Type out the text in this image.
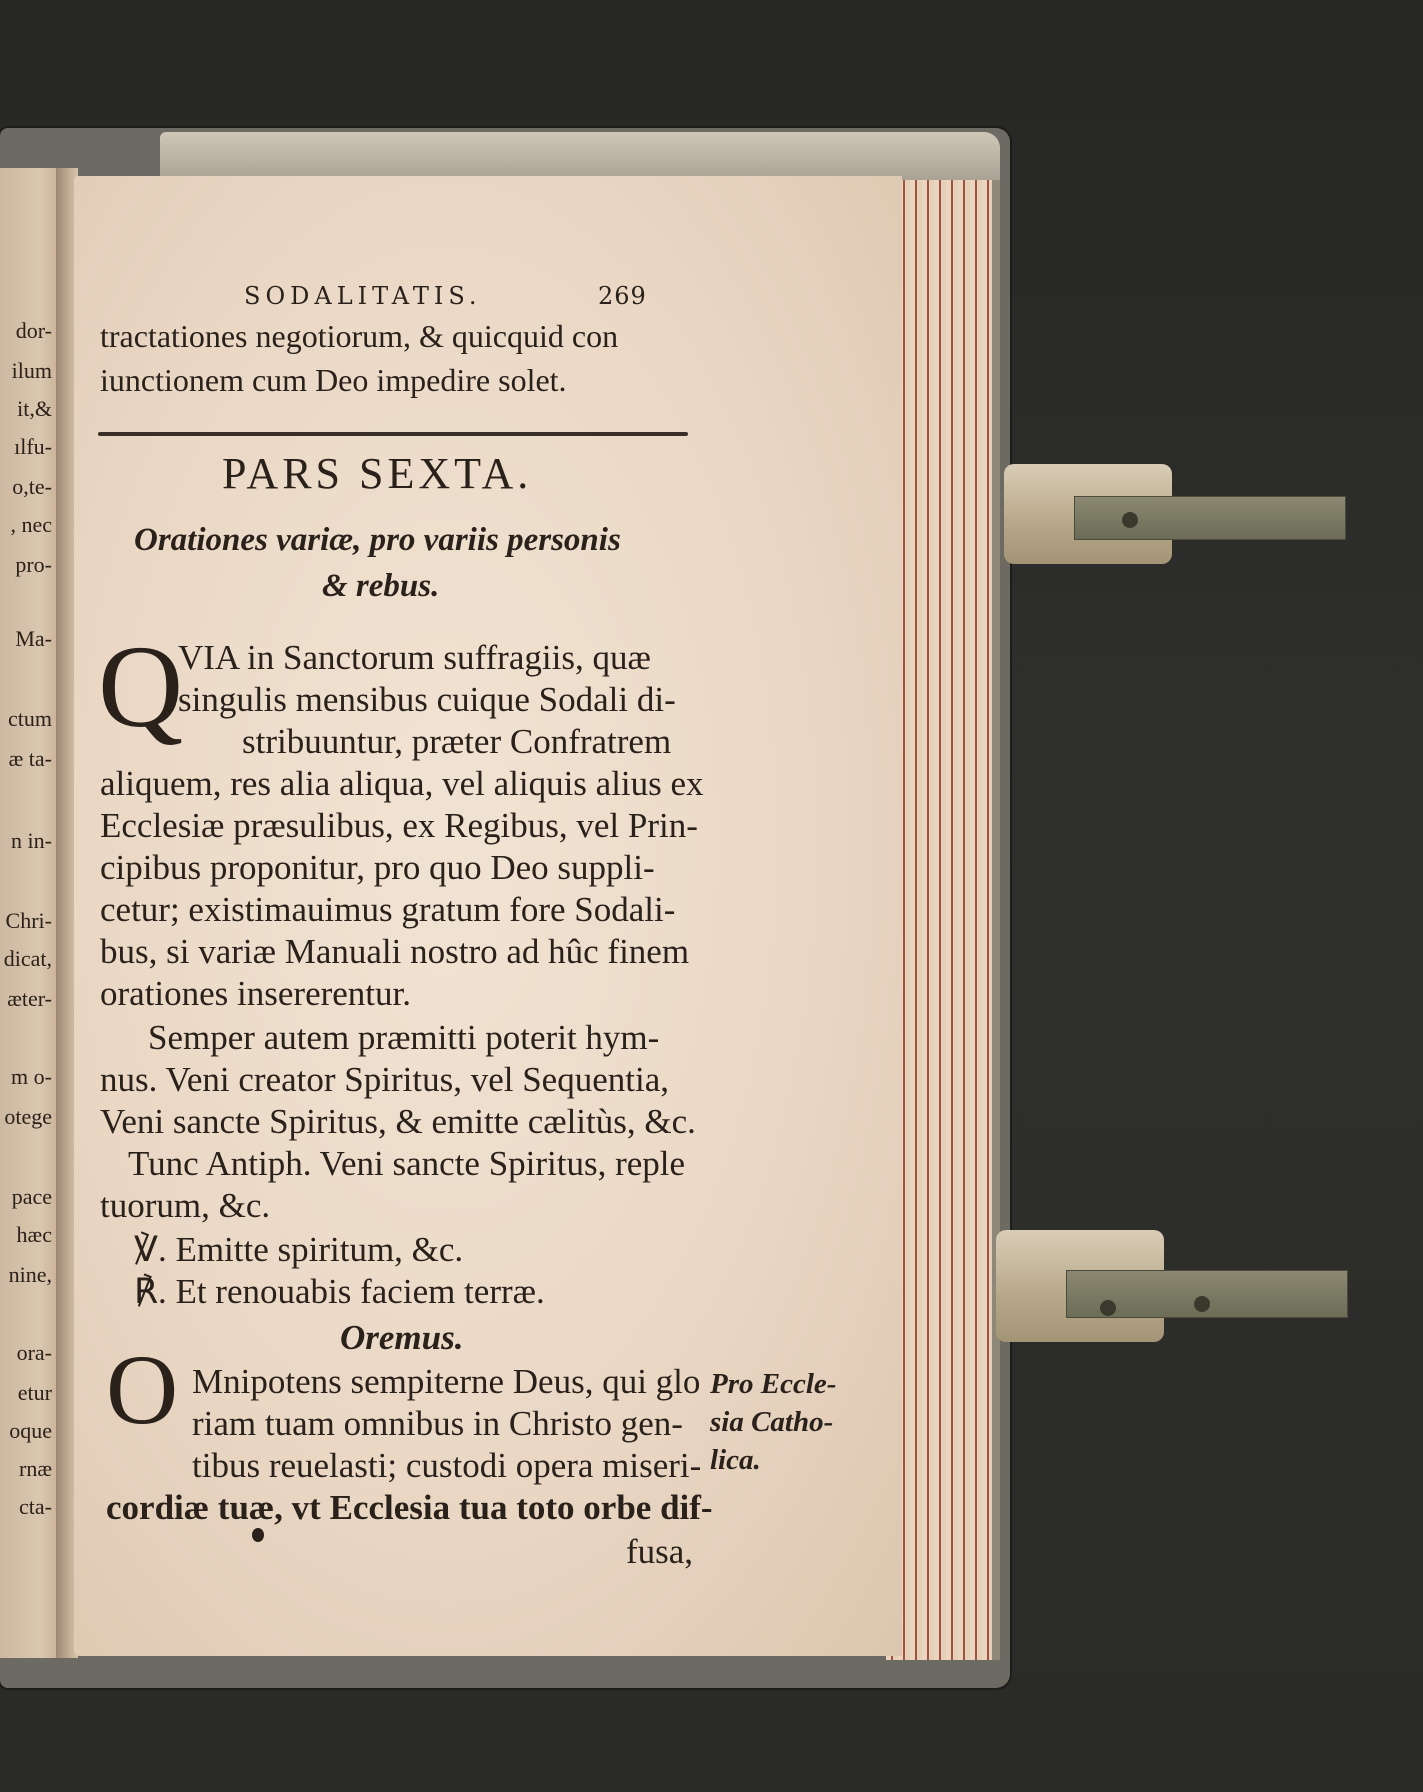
dor-
ilum
it,&
ılfu-
o,te-
, nec
pro-
Ma-
ctum
æ ta-
n in-
Chri-
dicat,
æter-
m o-
otege
pace
hæc
nine,
ora-
etur
oque
rnæ
cta-
SODALITATIS.	269
tractationes negotiorum, & quicquid con
iunctionem cum Deo impedire solet.
PARS SEXTA.
Orationes variæ, pro variis personis
& rebus.
Q
VIA in Sanctorum suffragiis, quæ
singulis mensibus cuique Sodali di-
stribuuntur, præter Confratrem
aliquem, res alia aliqua, vel aliquis alius ex
Ecclesiæ præsulibus, ex Regibus, vel Prin-
cipibus proponitur, pro quo Deo suppli-
cetur; existimauimus gratum fore Sodali-
bus, si variæ Manuali nostro ad hûc finem
orationes insererentur.
Semper autem præmitti poterit hym-
nus. Veni creator Spiritus, vel Sequentia,
Veni sancte Spiritus, & emitte cælitùs, &c.
Tunc Antiph. Veni sancte Spiritus, reple
tuorum, &c.
℣. Emitte spiritum, &c.
℟. Et renouabis faciem terræ.
Oremus.
O Mnipotens sempiterne Deus, qui glo
riam tuam omnibus in Christo gen-
tibus reuelasti; custodi opera miseri-
cordiæ tuæ, vt Ecclesia tua toto orbe dif-
fusa,
Pro Eccle-
sia Catho-
lica.
